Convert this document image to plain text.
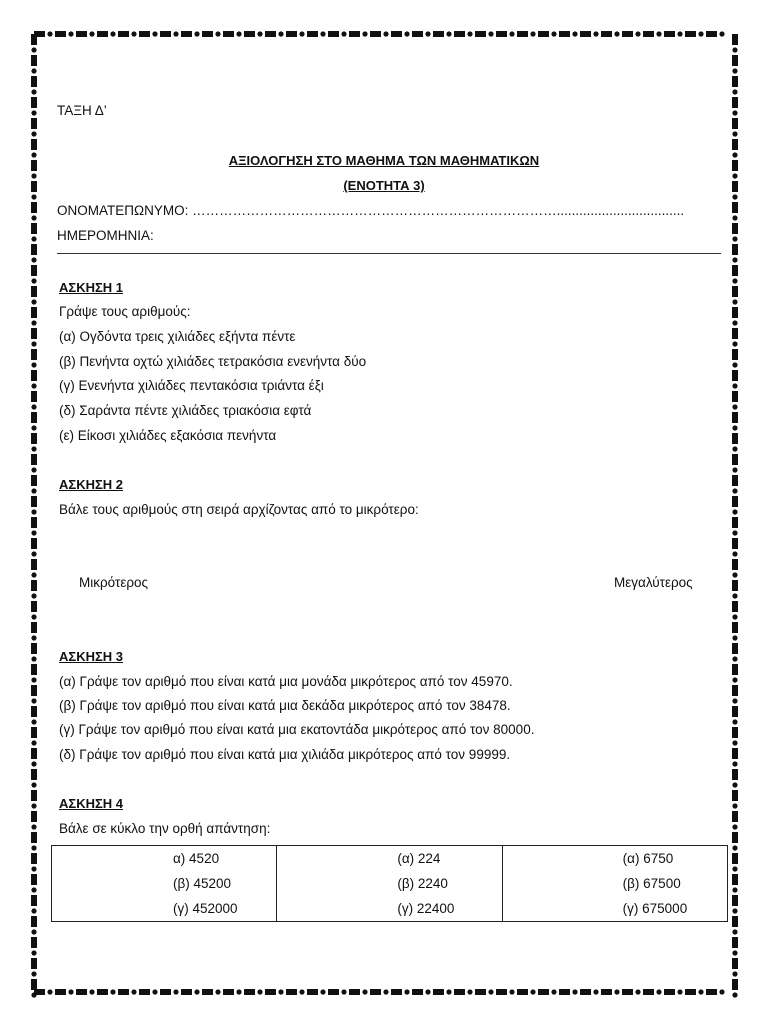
ΤΑΞΗ Δ’
ΑΞΙΟΛΟΓΗΣΗ ΣΤΟ ΜΑΘΗΜΑ ΤΩΝ ΜΑΘΗΜΑΤΙΚΩΝ
(ΕΝΟΤΗΤΑ 3)
ΟΝΟΜΑΤΕΠΩΝΥΜΟ: ………………………………………………………………………..................................
ΗΜΕΡΟΜΗΝΙΑ:
ΑΣΚΗΣΗ 1
Γράψε τους αριθμούς:
(α) Ογδόντα τρεις χιλιάδες εξήντα πέντε
(β) Πενήντα οχτώ χιλιάδες τετρακόσια ενενήντα δύο
(γ) Ενενήντα χιλιάδες πεντακόσια τριάντα έξι
(δ) Σαράντα πέντε χιλιάδες τριακόσια εφτά
(ε) Είκοσι χιλιάδες εξακόσια πενήντα
ΑΣΚΗΣΗ 2
Βάλε τους αριθμούς στη σειρά αρχίζοντας από το μικρότερο:
Μικρότερος	Μεγαλύτερος
ΑΣΚΗΣΗ 3
(α) Γράψε τον αριθμό που είναι κατά μια μονάδα μικρότερος από τον 45970.
(β) Γράψε τον αριθμό που είναι κατά μια δεκάδα μικρότερος από τον 38478.
(γ) Γράψε τον αριθμό που είναι κατά μια εκατοντάδα μικρότερος από τον 80000.
(δ) Γράψε τον αριθμό που είναι κατά μια χιλιάδα μικρότερος από τον 99999.
ΑΣΚΗΣΗ 4
Βάλε σε κύκλο την ορθή απάντηση:
α) 4520
(β) 45200
(γ) 452000

(α) 224
(β) 2240
(γ) 22400

(α) 6750
(β) 67500
(γ) 675000
